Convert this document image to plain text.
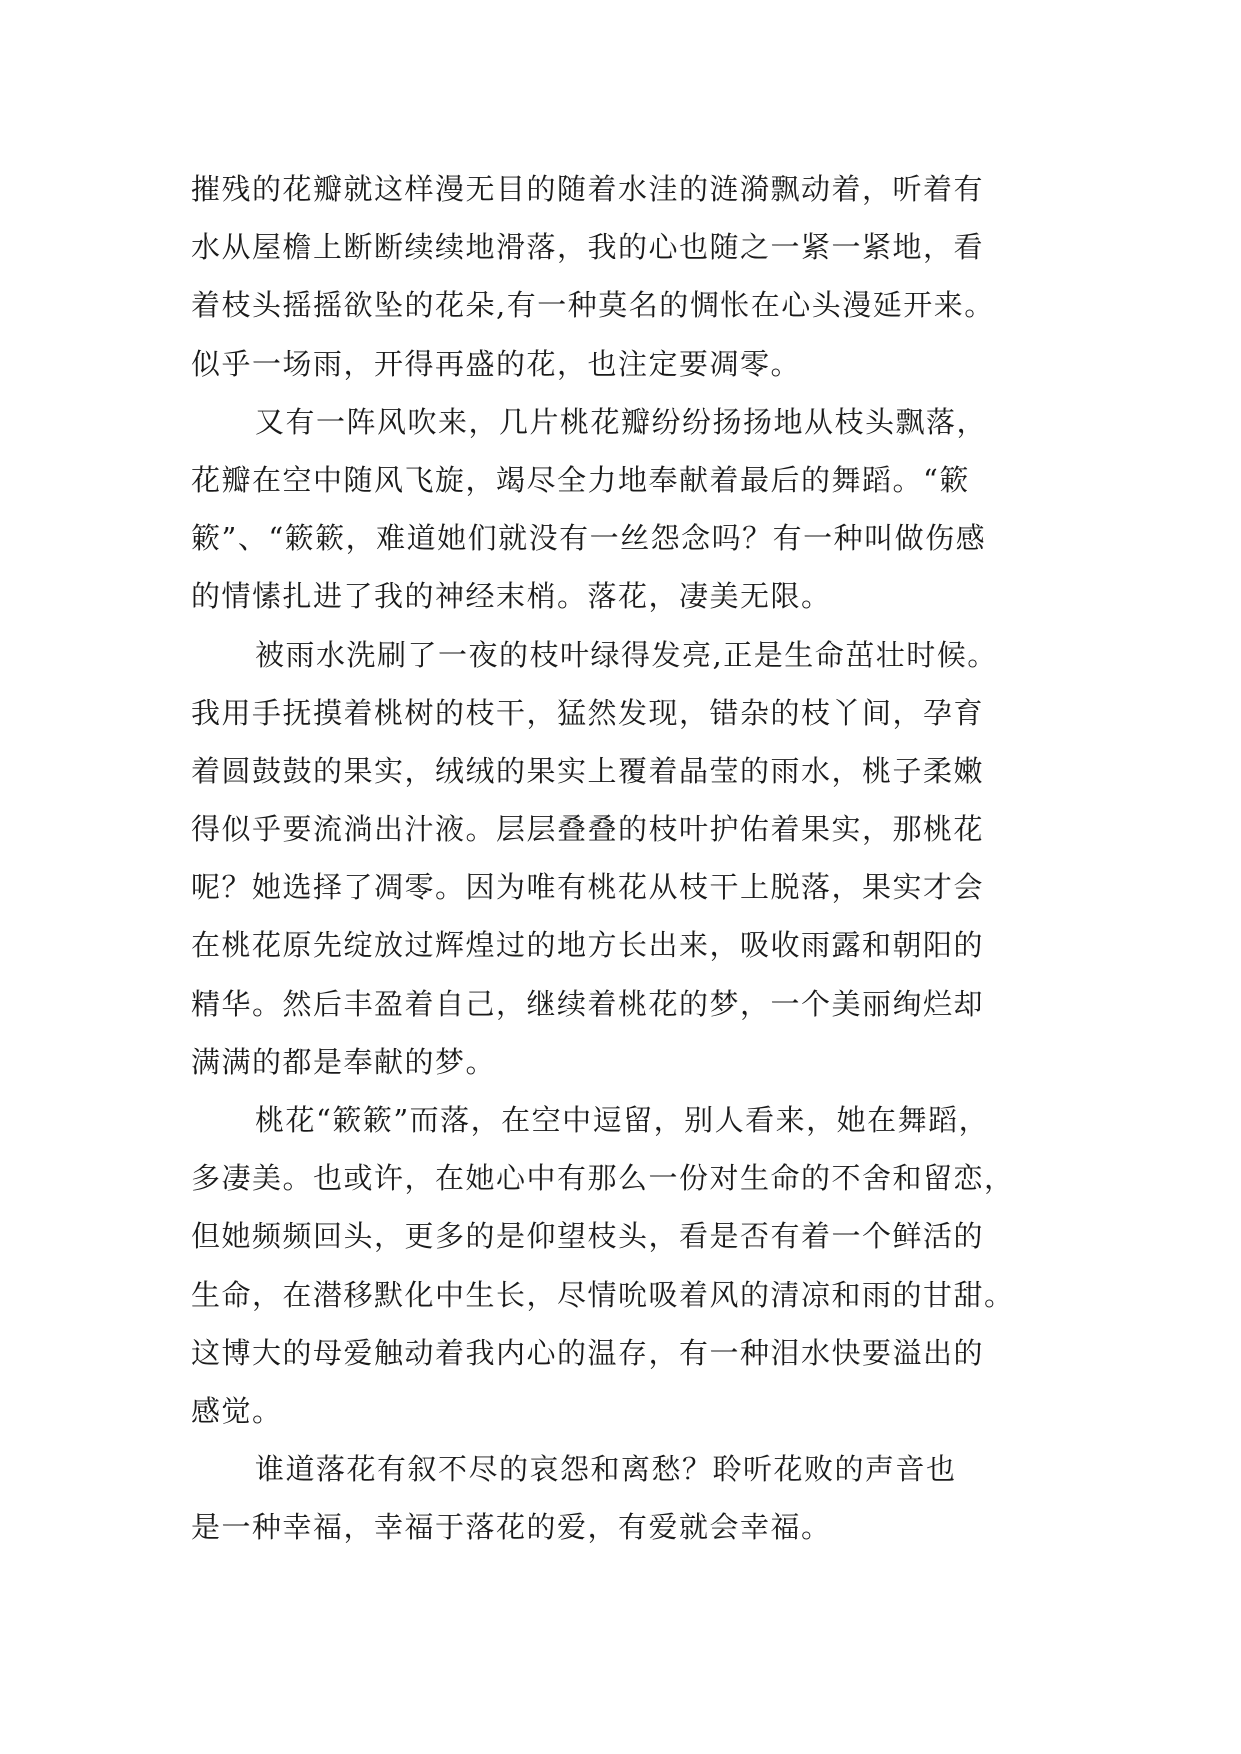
摧残的花瓣就这样漫无目的随着水洼的涟漪飘动着，听着有
水从屋檐上断断续续地滑落，我的心也随之一紧一紧地，看
着枝头摇摇欲坠的花朵,有一种莫名的惆怅在心头漫延开来。
似乎一场雨，开得再盛的花，也注定要凋零。
又有一阵风吹来，几片桃花瓣纷纷扬扬地从枝头飘落，
花瓣在空中随风飞旋，竭尽全力地奉献着最后的舞蹈。“簌
簌”、“簌簌，难道她们就没有一丝怨念吗？有一种叫做伤感
的情愫扎进了我的神经末梢。落花，凄美无限。
被雨水洗刷了一夜的枝叶绿得发亮,正是生命茁壮时候。
我用手抚摸着桃树的枝干，猛然发现，错杂的枝丫间，孕育
着圆鼓鼓的果实，绒绒的果实上覆着晶莹的雨水，桃子柔嫩
得似乎要流淌出汁液。层层叠叠的枝叶护佑着果实，那桃花
呢？她选择了凋零。因为唯有桃花从枝干上脱落，果实才会
在桃花原先绽放过辉煌过的地方长出来，吸收雨露和朝阳的
精华。然后丰盈着自己，继续着桃花的梦，一个美丽绚烂却
满满的都是奉献的梦。
桃花“簌簌”而落，在空中逗留，别人看来，她在舞蹈，
多凄美。也或许，在她心中有那么一份对生命的不舍和留恋，
但她频频回头，更多的是仰望枝头，看是否有着一个鲜活的
生命，在潜移默化中生长，尽情吮吸着风的清凉和雨的甘甜。
这博大的母爱触动着我内心的温存，有一种泪水快要溢出的
感觉。
谁道落花有叙不尽的哀怨和离愁？聆听花败的声音也
是一种幸福，幸福于落花的爱，有爱就会幸福。
